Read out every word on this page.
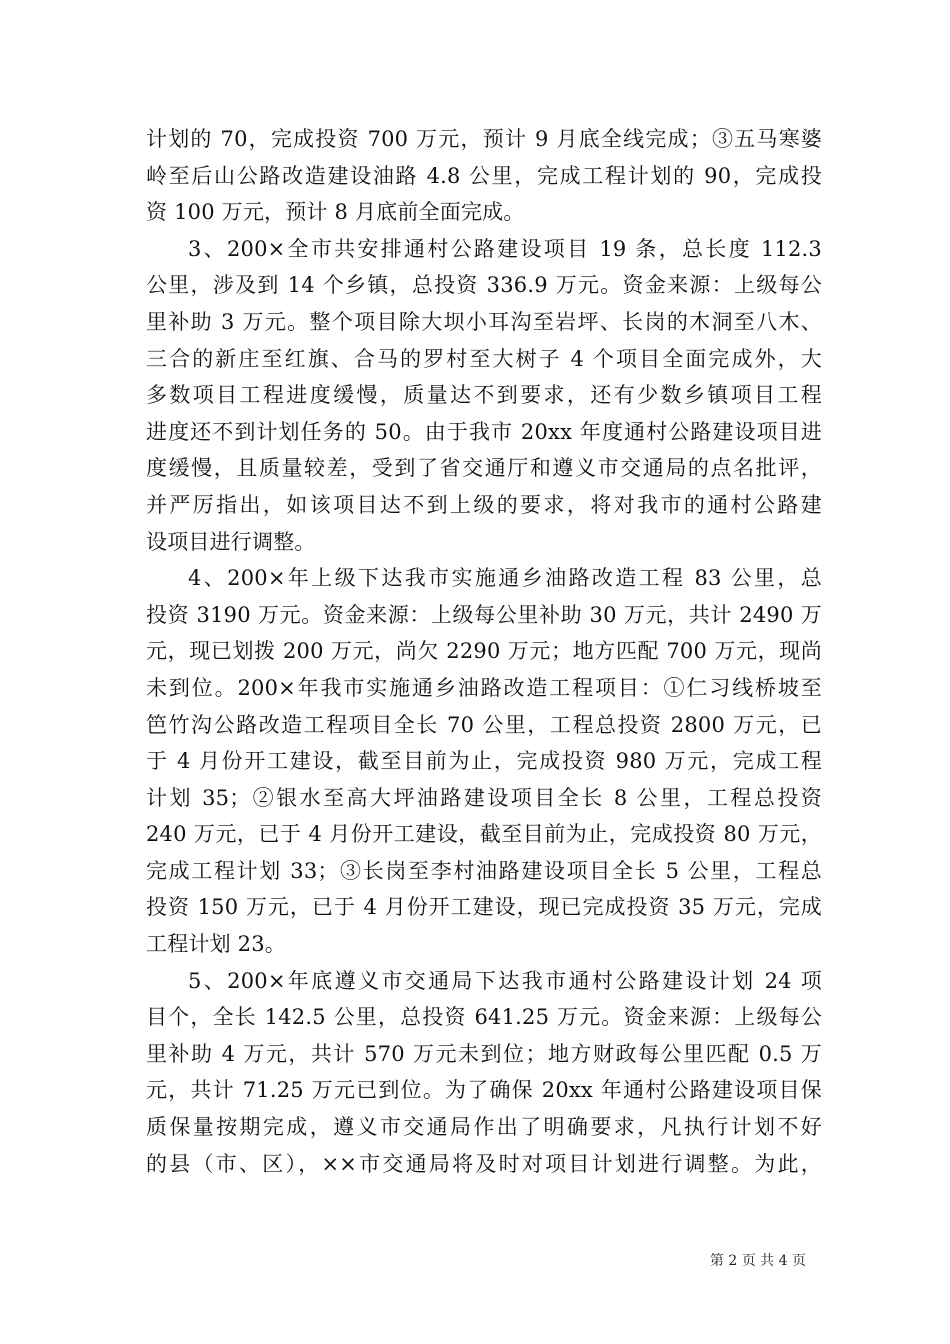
计划的 70，完成投资 700 万元，预计 9 月底全线完成；③五马寒婆
岭至后山公路改造建设油路 4.8 公里，完成工程计划的 90，完成投
资 100 万元，预计 8 月底前全面完成。
3、200×全市共安排通村公路建设项目 19 条，总长度 112.3
公里，涉及到 14 个乡镇，总投资 336.9 万元。资金来源：上级每公
里补助 3 万元。整个项目除大坝小耳沟至岩坪、长岗的木洞至八木、
三合的新庄至红旗、合马的罗村至大树子 4 个项目全面完成外，大
多数项目工程进度缓慢，质量达不到要求，还有少数乡镇项目工程
进度还不到计划任务的 50。由于我市 20xx 年度通村公路建设项目进
度缓慢，且质量较差，受到了省交通厅和遵义市交通局的点名批评，
并严厉指出，如该项目达不到上级的要求，将对我市的通村公路建
设项目进行调整。
4、200×年上级下达我市实施通乡油路改造工程 83 公里，总
投资 3190 万元。资金来源：上级每公里补助 30 万元，共计 2490 万
元，现已划拨 200 万元，尚欠 2290 万元；地方匹配 700 万元，现尚
未到位。200×年我市实施通乡油路改造工程项目：①仁习线桥坡至
笆竹沟公路改造工程项目全长 70 公里，工程总投资 2800 万元，已
于 4 月份开工建设，截至目前为止，完成投资 980 万元，完成工程
计划 35；②银水至高大坪油路建设项目全长 8 公里，工程总投资
240 万元，已于 4 月份开工建设，截至目前为止，完成投资 80 万元，
完成工程计划 33；③长岗至李村油路建设项目全长 5 公里，工程总
投资 150 万元，已于 4 月份开工建设，现已完成投资 35 万元，完成
工程计划 23。
5、200×年底遵义市交通局下达我市通村公路建设计划 24 项
目个，全长 142.5 公里，总投资 641.25 万元。资金来源：上级每公
里补助 4 万元，共计 570 万元未到位；地方财政每公里匹配 0.5 万
元，共计 71.25 万元已到位。为了确保 20xx 年通村公路建设项目保
质保量按期完成，遵义市交通局作出了明确要求，凡执行计划不好
的县（市、区），××市交通局将及时对项目计划进行调整。为此，
第 2 页 共 4 页
